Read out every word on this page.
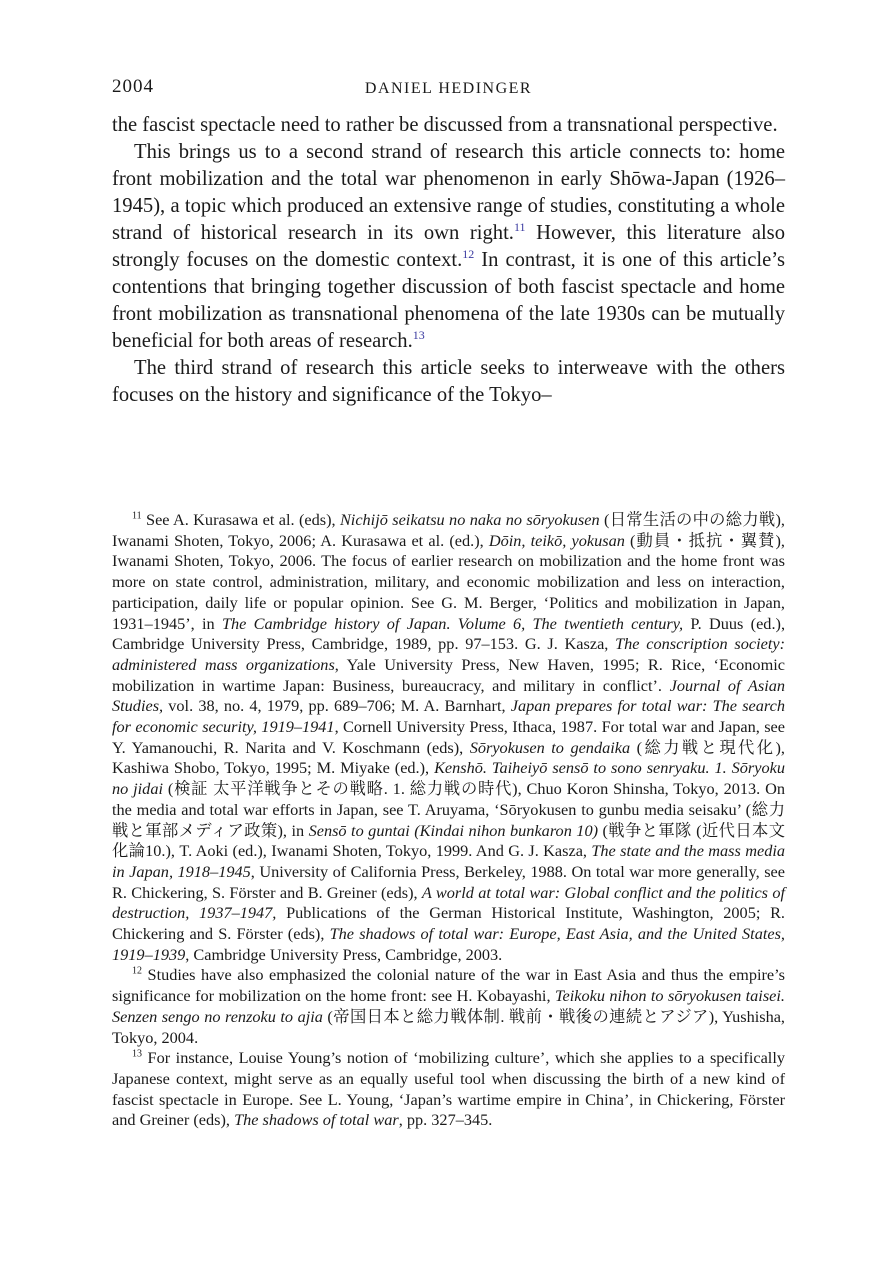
2004	DANIEL HEDINGER

the fascist spectacle need to rather be discussed from a transnational perspective.

This brings us to a second strand of research this article connects to: home front mobilization and the total war phenomenon in early Shōwa-Japan (1926–1945), a topic which produced an extensive range of studies, constituting a whole strand of historical research in its own right.$^{11}$ However, this literature also strongly focuses on the domestic context.$^{12}$ In contrast, it is one of this article’s contentions that bringing together discussion of both fascist spectacle and home front mobilization as transnational phenomena of the late 1930s can be mutually beneficial for both areas of research.$^{13}$

The third strand of research this article seeks to interweave with the others focuses on the history and significance of the Tokyo–

$^{11}$ See A. Kurasawa et al. (eds), Nichijō seikatsu no naka no sōryokusen (日常生活の中の総力戦), Iwanami Shoten, Tokyo, 2006; A. Kurasawa et al. (ed.), Dōin, teikō, yokusan (動員・抵抗・翼賛), Iwanami Shoten, Tokyo, 2006. The focus of earlier research on mobilization and the home front was more on state control, administration, military, and economic mobilization and less on interaction, participation, daily life or popular opinion. See G. M. Berger, ‘Politics and mobilization in Japan, 1931–1945’, in The Cambridge history of Japan. Volume 6, The twentieth century, P. Duus (ed.), Cambridge University Press, Cambridge, 1989, pp. 97–153. G. J. Kasza, The conscription society: administered mass organizations, Yale University Press, New Haven, 1995; R. Rice, ‘Economic mobilization in wartime Japan: Business, bureaucracy, and military in conflict’. Journal of Asian Studies, vol. 38, no. 4, 1979, pp. 689–706; M. A. Barnhart, Japan prepares for total war: The search for economic security, 1919–1941, Cornell University Press, Ithaca, 1987. For total war and Japan, see Y. Yamanouchi, R. Narita and V. Koschmann (eds), Sōryokusen to gendaika (総力戦と現代化), Kashiwa Shobo, Tokyo, 1995; M. Miyake (ed.), Kenshō. Taiheiyō sensō to sono senryaku. 1. Sōryoku no jidai (検証 太平洋戦争とその戦略. 1. 総力戦の時代), Chuo Koron Shinsha, Tokyo, 2013. On the media and total war efforts in Japan, see T. Aruyama, ‘Sōryokusen to gunbu media seisaku’ (総力戦と軍部メディア政策), in Sensō to guntai (Kindai nihon bunkaron 10) (戦争と軍隊 (近代日本文化論10.), T. Aoki (ed.), Iwanami Shoten, Tokyo, 1999. And G. J. Kasza, The state and the mass media in Japan, 1918–1945, University of California Press, Berkeley, 1988. On total war more generally, see R. Chickering, S. Förster and B. Greiner (eds), A world at total war: Global conflict and the politics of destruction, 1937–1947, Publications of the German Historical Institute, Washington, 2005; R. Chickering and S. Förster (eds), The shadows of total war: Europe, East Asia, and the United States, 1919–1939, Cambridge University Press, Cambridge, 2003.

$^{12}$ Studies have also emphasized the colonial nature of the war in East Asia and thus the empire’s significance for mobilization on the home front: see H. Kobayashi, Teikoku nihon to sōryokusen taisei. Senzen sengo no renzoku to ajia (帝国日本と総力戦体制. 戦前・戦後の連続とアジア), Yushisha, Tokyo, 2004.

$^{13}$ For instance, Louise Young’s notion of ‘mobilizing culture’, which she applies to a specifically Japanese context, might serve as an equally useful tool when discussing the birth of a new kind of fascist spectacle in Europe. See L. Young, ‘Japan’s wartime empire in China’, in Chickering, Förster and Greiner (eds), The shadows of total war, pp. 327–345.
